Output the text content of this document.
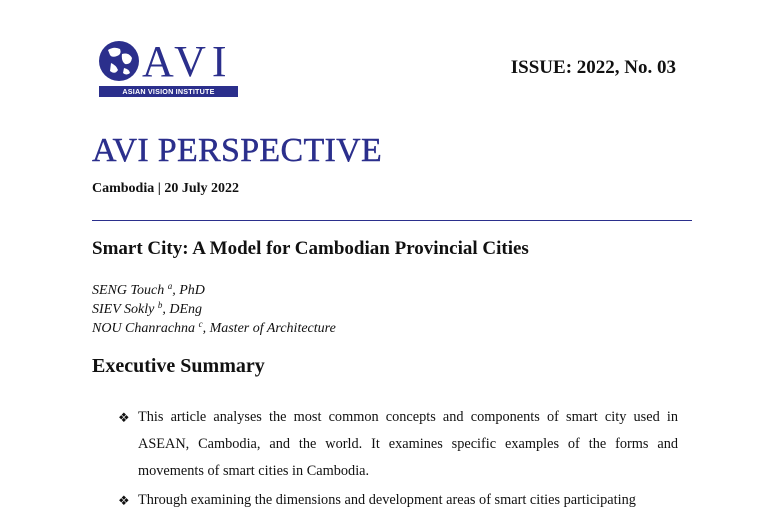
AVI
ASIAN VISION INSTITUTE
ISSUE: 2022, No. 03
AVI PERSPECTIVE
Cambodia | 20 July 2022
Smart City: A Model for Cambodian Provincial Cities
SENG Touch $^a$, PhD
SIEV Sokly $^b$, DEng
NOU Chanrachna $^c$, Master of Architecture
Executive Summary
❖ This article analyses the most common concepts and components of smart city used in ASEAN, Cambodia, and the world. It examines specific examples of the forms and movements of smart cities in Cambodia.
❖ Through examining the dimensions and development areas of smart cities participating
